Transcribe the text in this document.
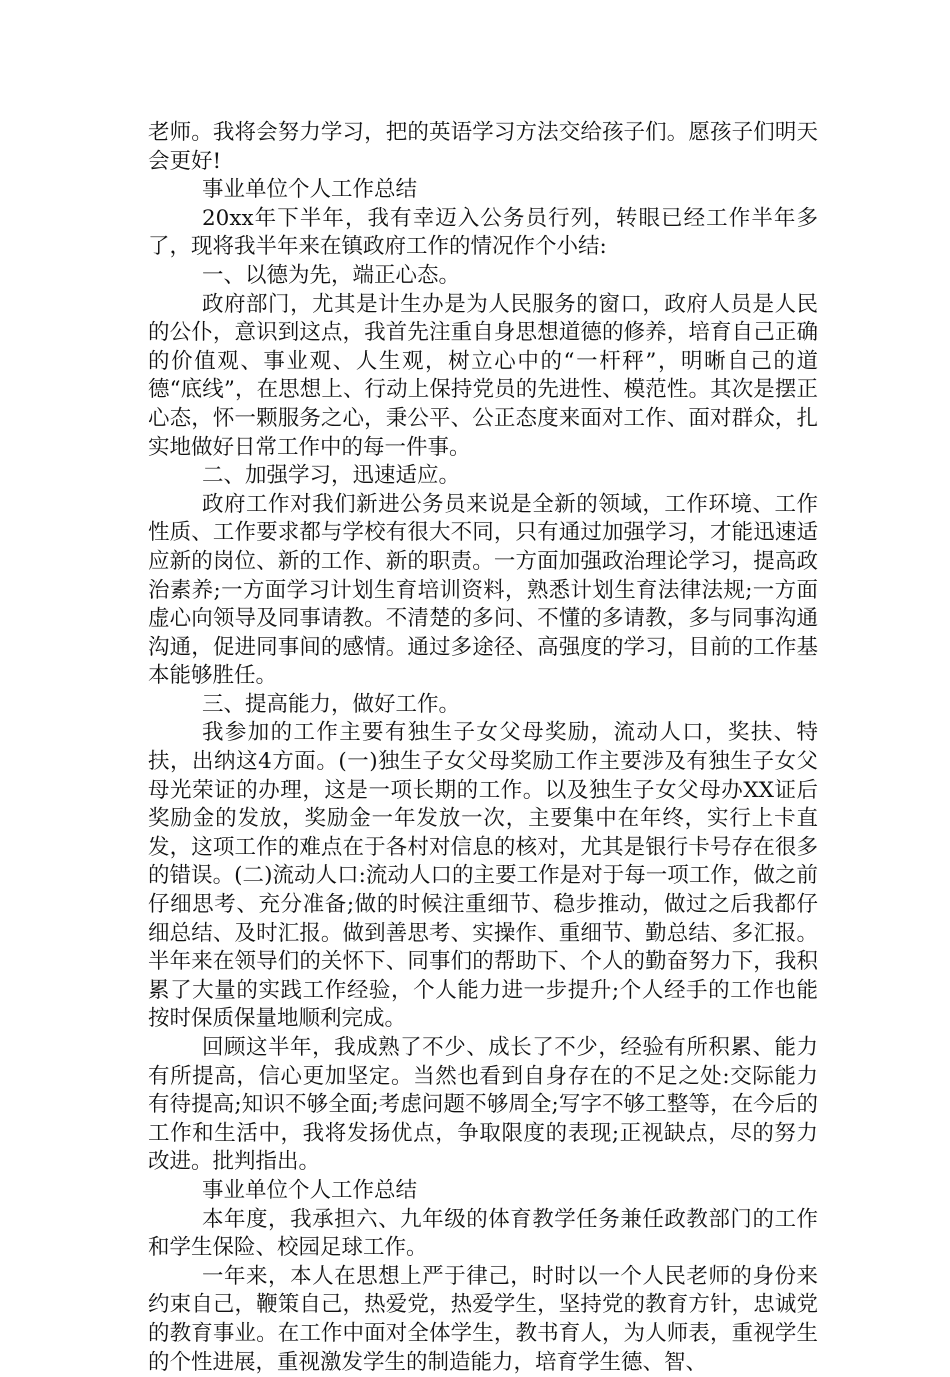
老师。我将会努力学习，把的英语学习方法交给孩子们。愿孩子们明天会更好!

事业单位个人工作总结

20xx年下半年，我有幸迈入公务员行列，转眼已经工作半年多了，现将我半年来在镇政府工作的情况作个小结:

一、以德为先，端正心态。

政府部门，尤其是计生办是为人民服务的窗口，政府人员是人民的公仆，意识到这点，我首先注重自身思想道德的修养，培育自己正确的价值观、事业观、人生观，树立心中的“一杆秤”，明晰自己的道德“底线”，在思想上、行动上保持党员的先进性、模范性。其次是摆正心态，怀一颗服务之心，秉公平、公正态度来面对工作、面对群众，扎实地做好日常工作中的每一件事。

二、加强学习，迅速适应。

政府工作对我们新进公务员来说是全新的领域，工作环境、工作性质、工作要求都与学校有很大不同，只有通过加强学习，才能迅速适应新的岗位、新的工作、新的职责。一方面加强政治理论学习，提高政治素养;一方面学习计划生育培训资料，熟悉计划生育法律法规;一方面虚心向领导及同事请教。不清楚的多问、不懂的多请教，多与同事沟通沟通，促进同事间的感情。通过多途径、高强度的学习，目前的工作基本能够胜任。

三、提高能力，做好工作。

我参加的工作主要有独生子女父母奖励，流动人口，奖扶、特扶，出纳这4方面。(一)独生子女父母奖励工作主要涉及有独生子女父母光荣证的办理，这是一项长期的工作。以及独生子女父母办XX证后奖励金的发放，奖励金一年发放一次，主要集中在年终，实行上卡直发，这项工作的难点在于各村对信息的核对，尤其是银行卡号存在很多的错误。(二)流动人口:流动人口的主要工作是对于每一项工作，做之前仔细思考、充分准备;做的时候注重细节、稳步推动，做过之后我都仔细总结、及时汇报。做到善思考、实操作、重细节、勤总结、多汇报。半年来在领导们的关怀下、同事们的帮助下、个人的勤奋努力下，我积累了大量的实践工作经验，个人能力进一步提升;个人经手的工作也能按时保质保量地顺利完成。

回顾这半年，我成熟了不少、成长了不少，经验有所积累、能力有所提高，信心更加坚定。当然也看到自身存在的不足之处:交际能力有待提高;知识不够全面;考虑问题不够周全;写字不够工整等，在今后的工作和生活中，我将发扬优点，争取限度的表现;正视缺点，尽的努力改进。批判指出。

事业单位个人工作总结

本年度，我承担六、九年级的体育教学任务兼任政教部门的工作和学生保险、校园足球工作。

一年来，本人在思想上严于律己，时时以一个人民老师的身份来约束自己，鞭策自己，热爱党，热爱学生，坚持党的教育方针，忠诚党的教育事业。在工作中面对全体学生，教书育人，为人师表，重视学生的个性进展，重视激发学生的制造能力，培育学生德、智、
